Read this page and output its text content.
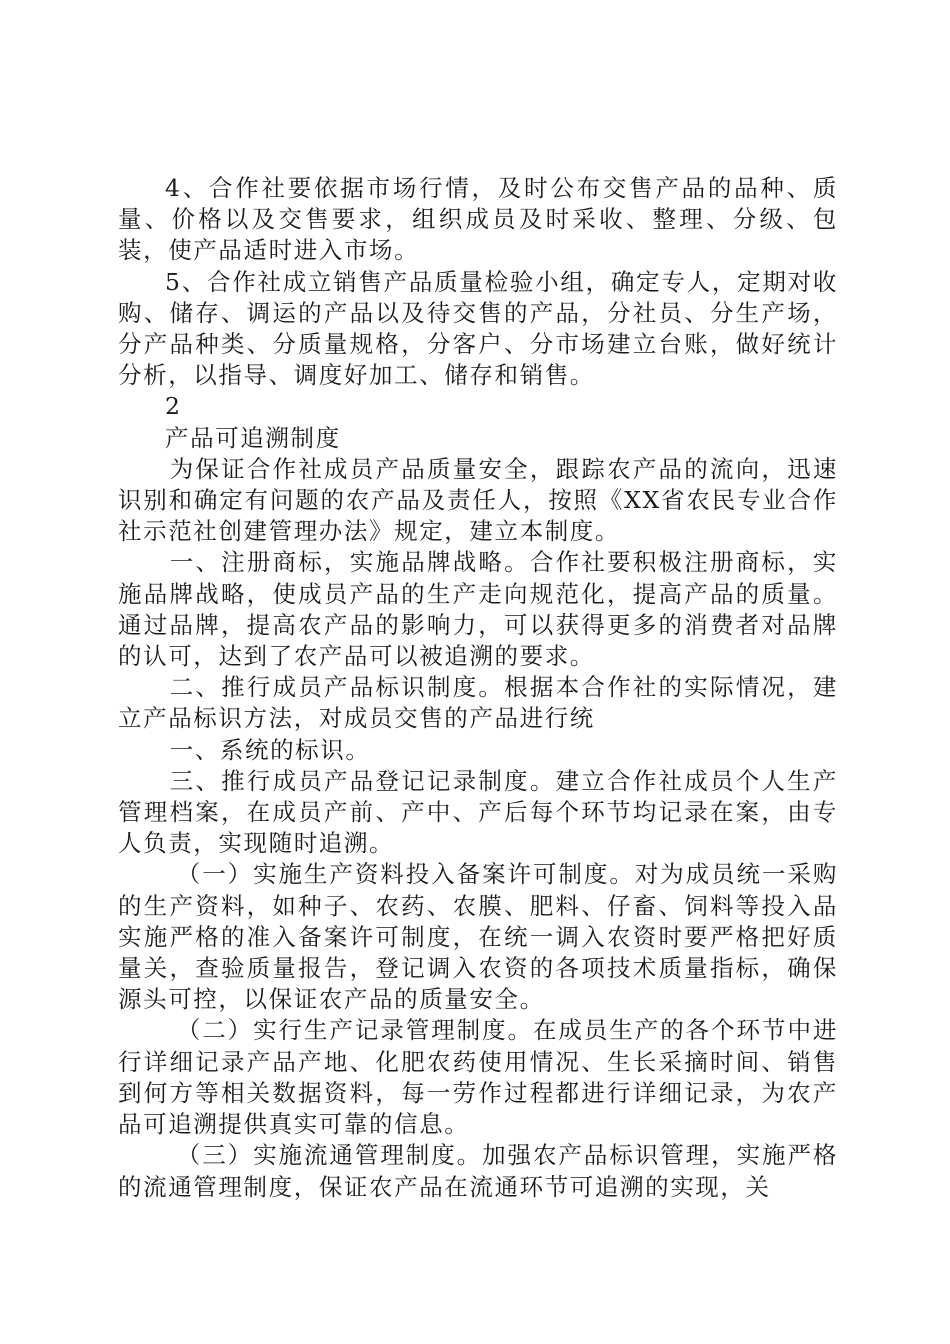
4、合作社要依据市场行情，及时公布交售产品的品种、质量、价格以及交售要求，组织成员及时采收、整理、分级、包装，使产品适时进入市场。

5、合作社成立销售产品质量检验小组，确定专人，定期对收购、储存、调运的产品以及待交售的产品，分社员、分生产场，分产品种类、分质量规格，分客户、分市场建立台账，做好统计分析，以指导、调度好加工、储存和销售。

2

产品可追溯制度

为保证合作社成员产品质量安全，跟踪农产品的流向，迅速识别和确定有问题的农产品及责任人，按照《XX省农民专业合作社示范社创建管理办法》规定，建立本制度。

一、注册商标，实施品牌战略。合作社要积极注册商标，实施品牌战略，使成员产品的生产走向规范化，提高产品的质量。通过品牌，提高农产品的影响力，可以获得更多的消费者对品牌的认可，达到了农产品可以被追溯的要求。

二、推行成员产品标识制度。根据本合作社的实际情况，建立产品标识方法，对成员交售的产品进行统

一、系统的标识。

三、推行成员产品登记记录制度。建立合作社成员个人生产管理档案，在成员产前、产中、产后每个环节均记录在案，由专人负责，实现随时追溯。

（一）实施生产资料投入备案许可制度。对为成员统一采购的生产资料，如种子、农药、农膜、肥料、仔畜、饲料等投入品实施严格的准入备案许可制度，在统一调入农资时要严格把好质量关，查验质量报告，登记调入农资的各项技术质量指标，确保源头可控，以保证农产品的质量安全。

（二）实行生产记录管理制度。在成员生产的各个环节中进行详细记录产品产地、化肥农药使用情况、生长采摘时间、销售到何方等相关数据资料，每一劳作过程都进行详细记录，为农产品可追溯提供真实可靠的信息。

（三）实施流通管理制度。加强农产品标识管理，实施严格的流通管理制度，保证农产品在流通环节可追溯的实现，关
